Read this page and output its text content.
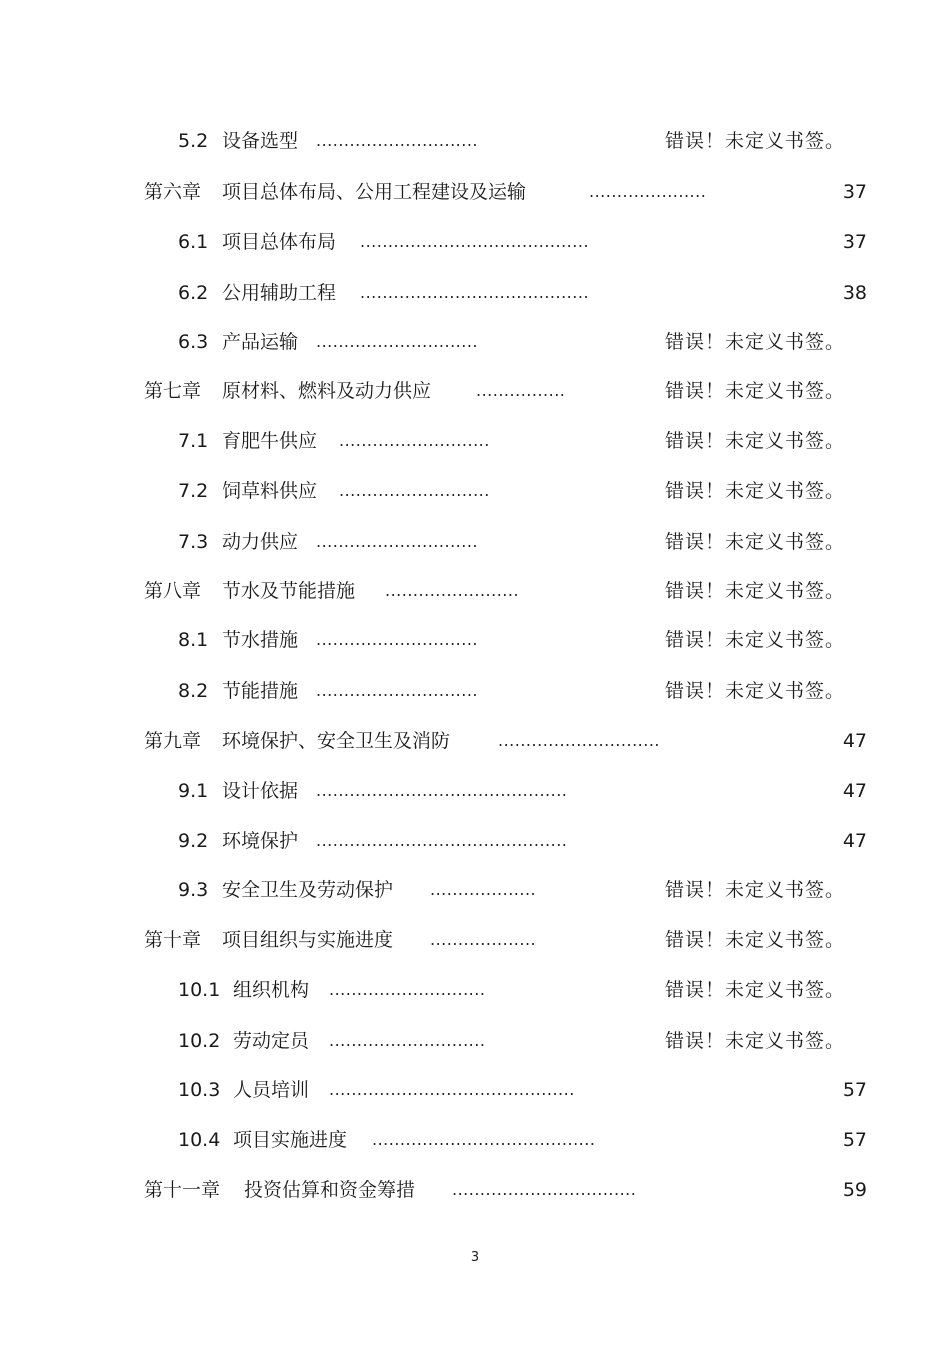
5.2 设备选型 .............................	错误！未定义书签。
第六章 项目总体布局、公用工程建设及运输	.....................	37
6.1 项目总体布局 .........................................	37
6.2 公用辅助工程 .........................................	38
6.3 产品运输 .............................	错误！未定义书签。
第七章 原材料、燃料及动力供应	................	错误！未定义书签。
7.1 育肥牛供应 ...........................	错误！未定义书签。
7.2 饲草料供应 ...........................	错误！未定义书签。
7.3 动力供应 .............................	错误！未定义书签。
第八章 节水及节能措施 ........................	错误！未定义书签。
8.1 节水措施 .............................	错误！未定义书签。
8.2 节能措施 .............................	错误！未定义书签。
第九章 环境保护、安全卫生及消防	.............................	47
9.1 设计依据 .............................................	47
9.2 环境保护 .............................................	47
9.3 安全卫生及劳动保护 ...................	错误！未定义书签。
第十章 项目组织与实施进度 ...................	错误！未定义书签。
10.1 组织机构 ............................	错误！未定义书签。
10.2 劳动定员 ............................	错误！未定义书签。
10.3 人员培训 ............................................	57
10.4 项目实施进度 ........................................	57
第十一章 投资估算和资金筹措 .................................	59
3
